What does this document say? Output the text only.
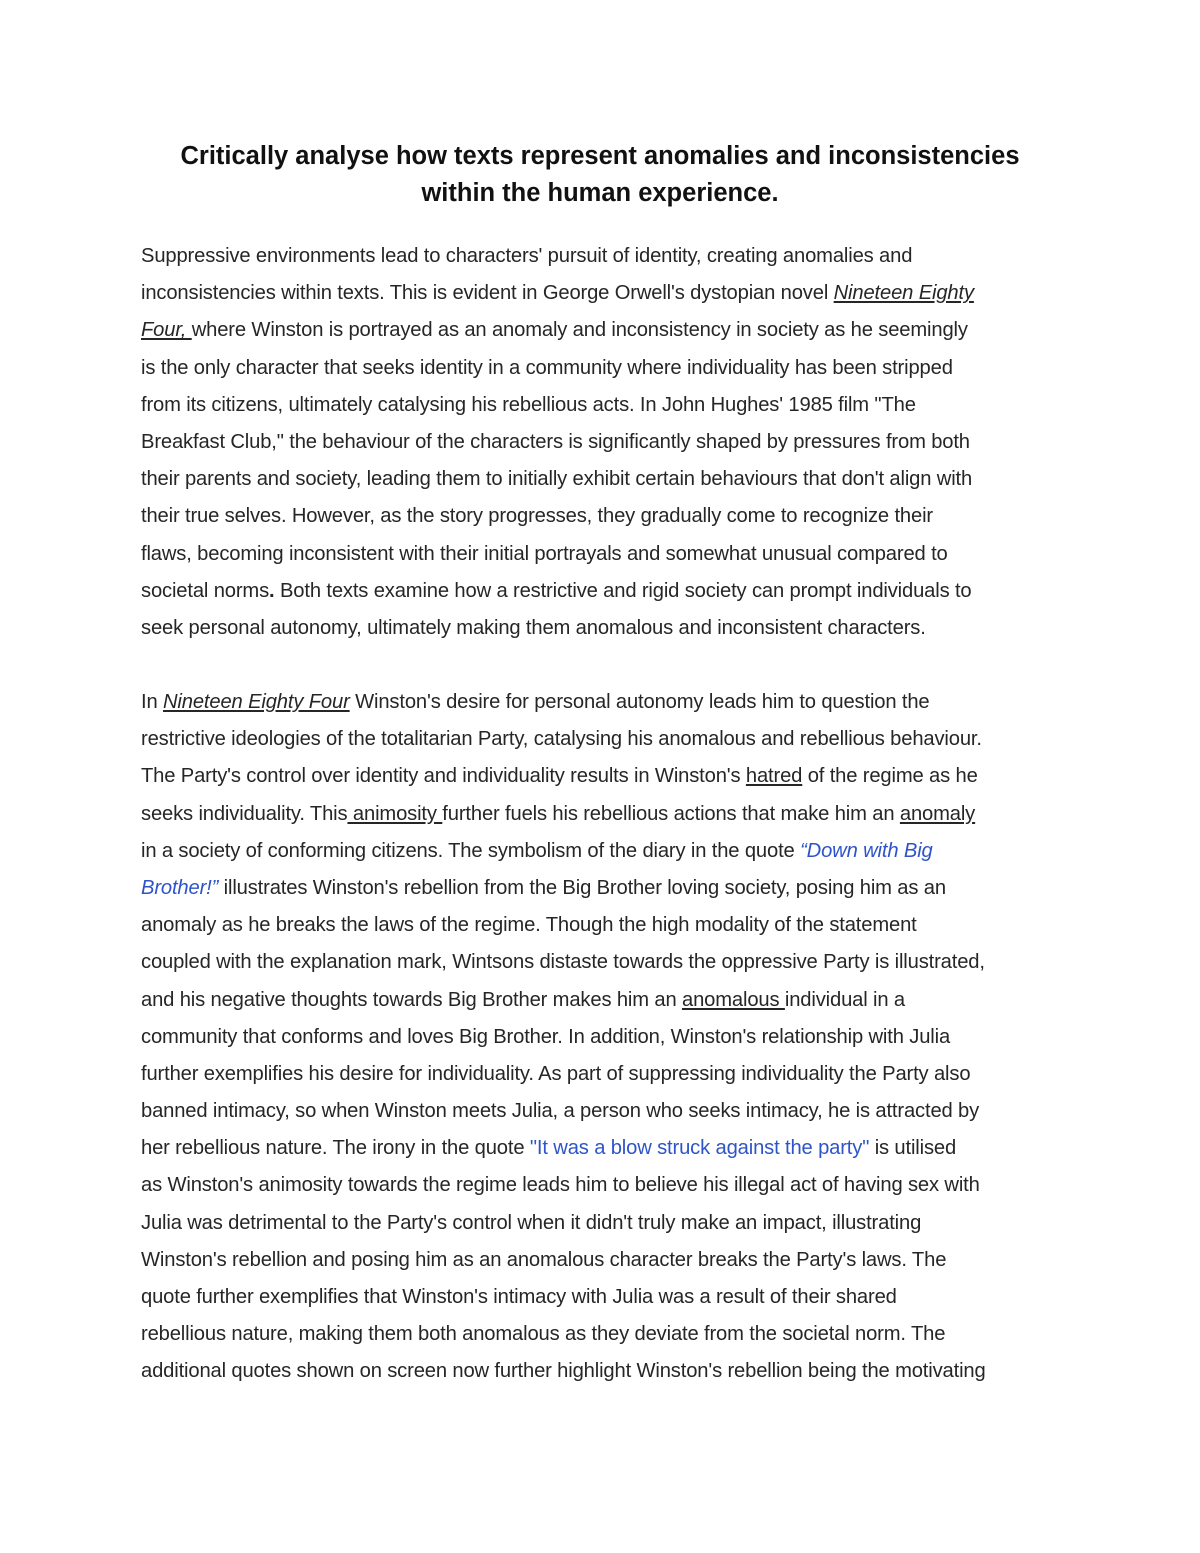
Critically analyse how texts represent anomalies and inconsistencies
within the human experience.
Suppressive environments lead to characters' pursuit of identity, creating anomalies and
inconsistencies within texts. This is evident in George Orwell's dystopian novel Nineteen Eighty
Four, where Winston is portrayed as an anomaly and inconsistency in society as he seemingly
is the only character that seeks identity in a community where individuality has been stripped
from its citizens, ultimately catalysing his rebellious acts. In John Hughes' 1985 film "The
Breakfast Club," the behaviour of the characters is significantly shaped by pressures from both
their parents and society, leading them to initially exhibit certain behaviours that don't align with
their true selves. However, as the story progresses, they gradually come to recognize their
flaws, becoming inconsistent with their initial portrayals and somewhat unusual compared to
societal norms. Both texts examine how a restrictive and rigid society can prompt individuals to
seek personal autonomy, ultimately making them anomalous and inconsistent characters.
In Nineteen Eighty Four Winston's desire for personal autonomy leads him to question the
restrictive ideologies of the totalitarian Party, catalysing his anomalous and rebellious behaviour.
The Party's control over identity and individuality results in Winston's hatred of the regime as he
seeks individuality. This animosity further fuels his rebellious actions that make him an anomaly
in a society of conforming citizens. The symbolism of the diary in the quote “Down with Big
Brother!” illustrates Winston's rebellion from the Big Brother loving society, posing him as an
anomaly as he breaks the laws of the regime. Though the high modality of the statement
coupled with the explanation mark, Wintsons distaste towards the oppressive Party is illustrated,
and his negative thoughts towards Big Brother makes him an anomalous individual in a
community that conforms and loves Big Brother. In addition, Winston's relationship with Julia
further exemplifies his desire for individuality. As part of suppressing individuality the Party also
banned intimacy, so when Winston meets Julia, a person who seeks intimacy, he is attracted by
her rebellious nature. The irony in the quote "It was a blow struck against the party" is utilised
as Winston's animosity towards the regime leads him to believe his illegal act of having sex with
Julia was detrimental to the Party's control when it didn't truly make an impact, illustrating
Winston's rebellion and posing him as an anomalous character breaks the Party's laws. The
quote further exemplifies that Winston's intimacy with Julia was a result of their shared
rebellious nature, making them both anomalous as they deviate from the societal norm. The
additional quotes shown on screen now further highlight Winston's rebellion being the motivating
